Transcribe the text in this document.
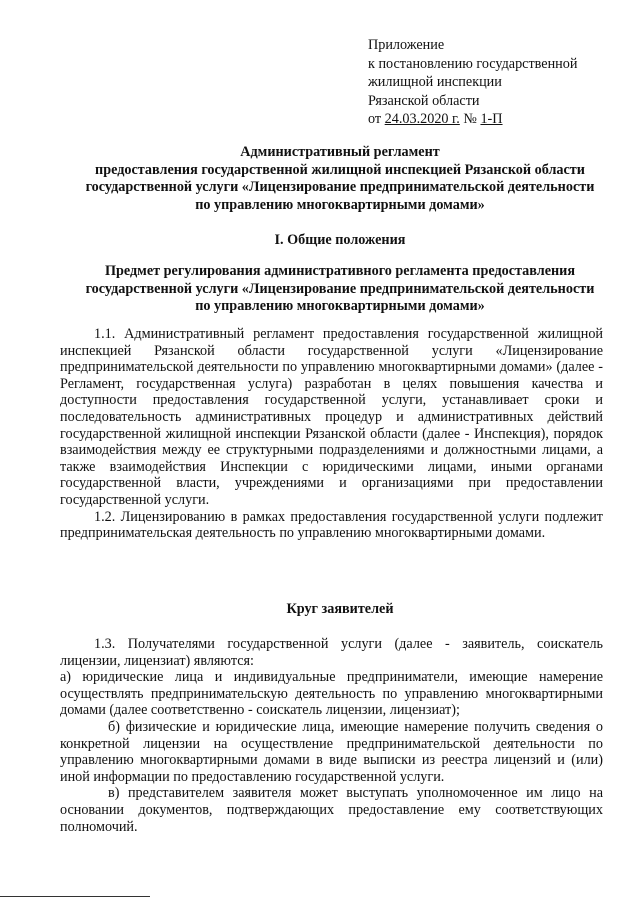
Приложение
к постановлению государственной
жилищной инспекции
Рязанской области
от 24.03.2020 г. № 1-П
Административный регламент
предоставления государственной жилищной инспекцией Рязанской области
государственной услуги «Лицензирование предпринимательской деятельности
по управлению многоквартирными домами»
I. Общие положения
Предмет регулирования административного регламента предоставления
государственной услуги «Лицензирование предпринимательской деятельности
по управлению многоквартирными домами»

1.1. Административный регламент предоставления государственной жилищной инспекцией Рязанской области государственной услуги «Лицензирование предпринимательской деятельности по управлению многоквартирными домами» (далее - Регламент, государственная услуга) разработан в целях повышения качества и доступности предоставления государственной услуги, устанавливает сроки и последовательность административных процедур и административных действий государственной жилищной инспекции Рязанской области (далее - Инспекция), порядок взаимодействия между ее структурными подразделениями и должностными лицами, а также взаимодействия Инспекции с юридическими лицами, иными органами государственной власти, учреждениями и организациями при предоставлении государственной услуги.

1.2. Лицензированию в рамках предоставления государственной услуги подлежит предпринимательская деятельность по управлению многоквартирными домами.

Круг заявителей

1.3. Получателями государственной услуги (далее - заявитель, соискатель лицензии, лицензиат) являются:

а) юридические лица и индивидуальные предприниматели, имеющие намерение осуществлять предпринимательскую деятельность по управлению многоквартирными домами (далее соответственно - соискатель лицензии, лицензиат);

б) физические и юридические лица, имеющие намерение получить сведения о конкретной лицензии на осуществление предпринимательской деятельности по управлению многоквартирными домами в виде выписки из реестра лицензий и (или) иной информации по предоставлению государственной услуги.

в) представителем заявителя может выступать уполномоченное им лицо на основании документов, подтверждающих предоставление ему соответствующих полномочий.
